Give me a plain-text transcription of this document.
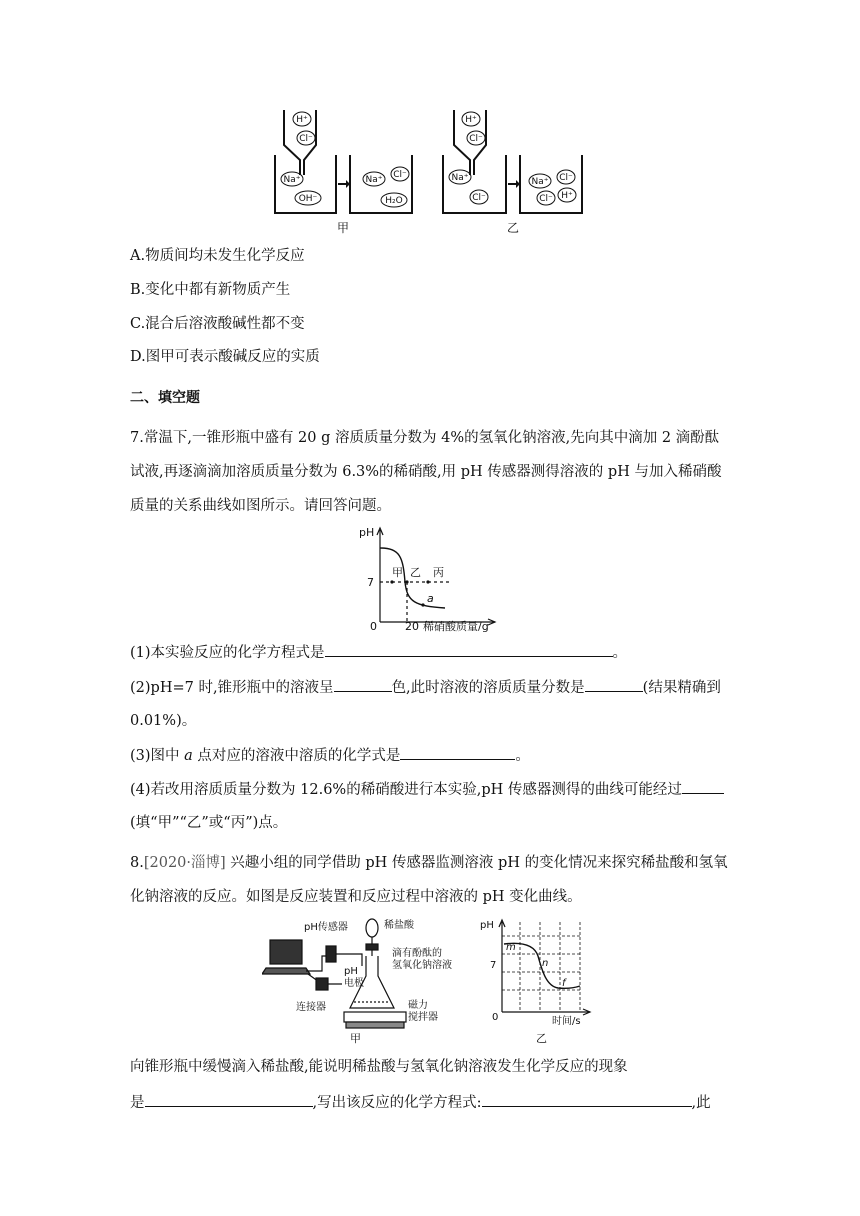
H⁺
Cl⁻
Na⁺
OH⁻
Na⁺ Cl⁻
H₂O
H⁺
Cl⁻
Na⁺
Cl⁻
Na⁺ Cl⁻
Cl⁻ H⁺
甲	乙
A.物质间均未发生化学反应
B.变化中都有新物质产生
C.混合后溶液酸碱性都不变
D.图甲可表示酸碱反应的实质
二、填空题
7.常温下,一锥形瓶中盛有 20 g 溶质质量分数为 4%的氢氧化钠溶液,先向其中滴加 2 滴酚酞
试液,再逐滴滴加溶质质量分数为 6.3%的稀硝酸,用 pH 传感器测得溶液的 pH 与加入稀硝酸
质量的关系曲线如图所示。请回答问题。
pH
7
0
甲 乙 丙
a
20 稀硝酸质量/g
(1)本实验反应的化学方程式是	。
(2)pH=7 时,锥形瓶中的溶液呈	色,此时溶液的溶质质量分数是	(结果精确到
0.01%)。
(3)图中 a 点对应的溶液中溶质的化学式是	。
(4)若改用溶质质量分数为 12.6%的稀硝酸进行本实验,pH 传感器测得的曲线可能经过
(填“甲”“乙”或“丙”)点。
8.[2020·淄博] 兴趣小组的同学借助 pH 传感器监测溶液 pH 的变化情况来探究稀盐酸和氢氧
化钠溶液的反应。如图是反应装置和反应过程中溶液的 pH 变化曲线。
pH传感器	稀盐酸
pH
电极
滴有酚酞的
氢氧化钠溶液
连接器	磁力
搅拌器
甲
pH
7
0
m
n
f
时间/s
乙
向锥形瓶中缓慢滴入稀盐酸,能说明稀盐酸与氢氧化钠溶液发生化学反应的现象
是	,写出该反应的化学方程式:	,此
